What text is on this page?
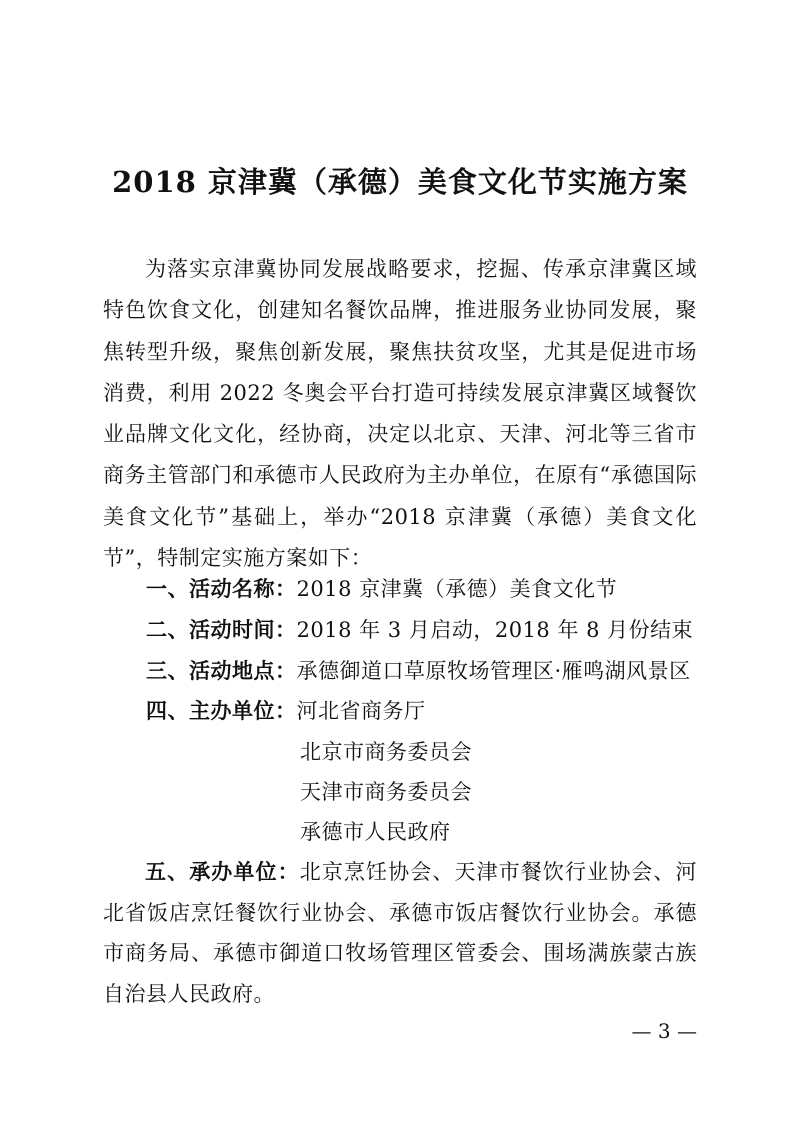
2018 京津冀（承德）美食文化节实施方案
为落实京津冀协同发展战略要求，挖掘、传承京津冀区域特色饮食文化，创建知名餐饮品牌，推进服务业协同发展，聚焦转型升级，聚焦创新发展，聚焦扶贫攻坚，尤其是促进市场消费，利用 2022 冬奥会平台打造可持续发展京津冀区域餐饮业品牌文化文化，经协商，决定以北京、天津、河北等三省市商务主管部门和承德市人民政府为主办单位，在原有“承德国际美食文化节”基础上，举办“2018 京津冀（承德）美食文化节”，特制定实施方案如下：
一、活动名称：2018 京津冀（承德）美食文化节
二、活动时间：2018 年 3 月启动，2018 年 8 月份结束
三、活动地点：承德御道口草原牧场管理区·雁鸣湖风景区
四、主办单位：河北省商务厅
北京市商务委员会
天津市商务委员会
承德市人民政府
五、承办单位：北京烹饪协会、天津市餐饮行业协会、河北省饭店烹饪餐饮行业协会、承德市饭店餐饮行业协会。承德市商务局、承德市御道口牧场管理区管委会、围场满族蒙古族自治县人民政府。
— 3 —
